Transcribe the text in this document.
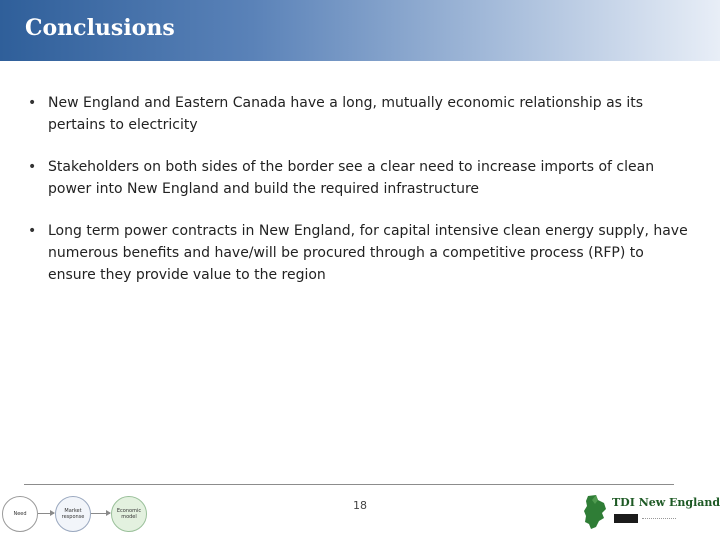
Conclusions
• New England and Eastern Canada have a long, mutually economic relationship as its pertains to electricity
• Stakeholders on both sides of the border see a clear need to increase imports of clean power into New England and build the required infrastructure
• Long term power contracts in New England, for capital intensive clean energy supply, have numerous benefits and have/will be procured through a competitive process (RFP) to ensure they provide value to the region
Need	Market response
Economic model
18	TDI New England
